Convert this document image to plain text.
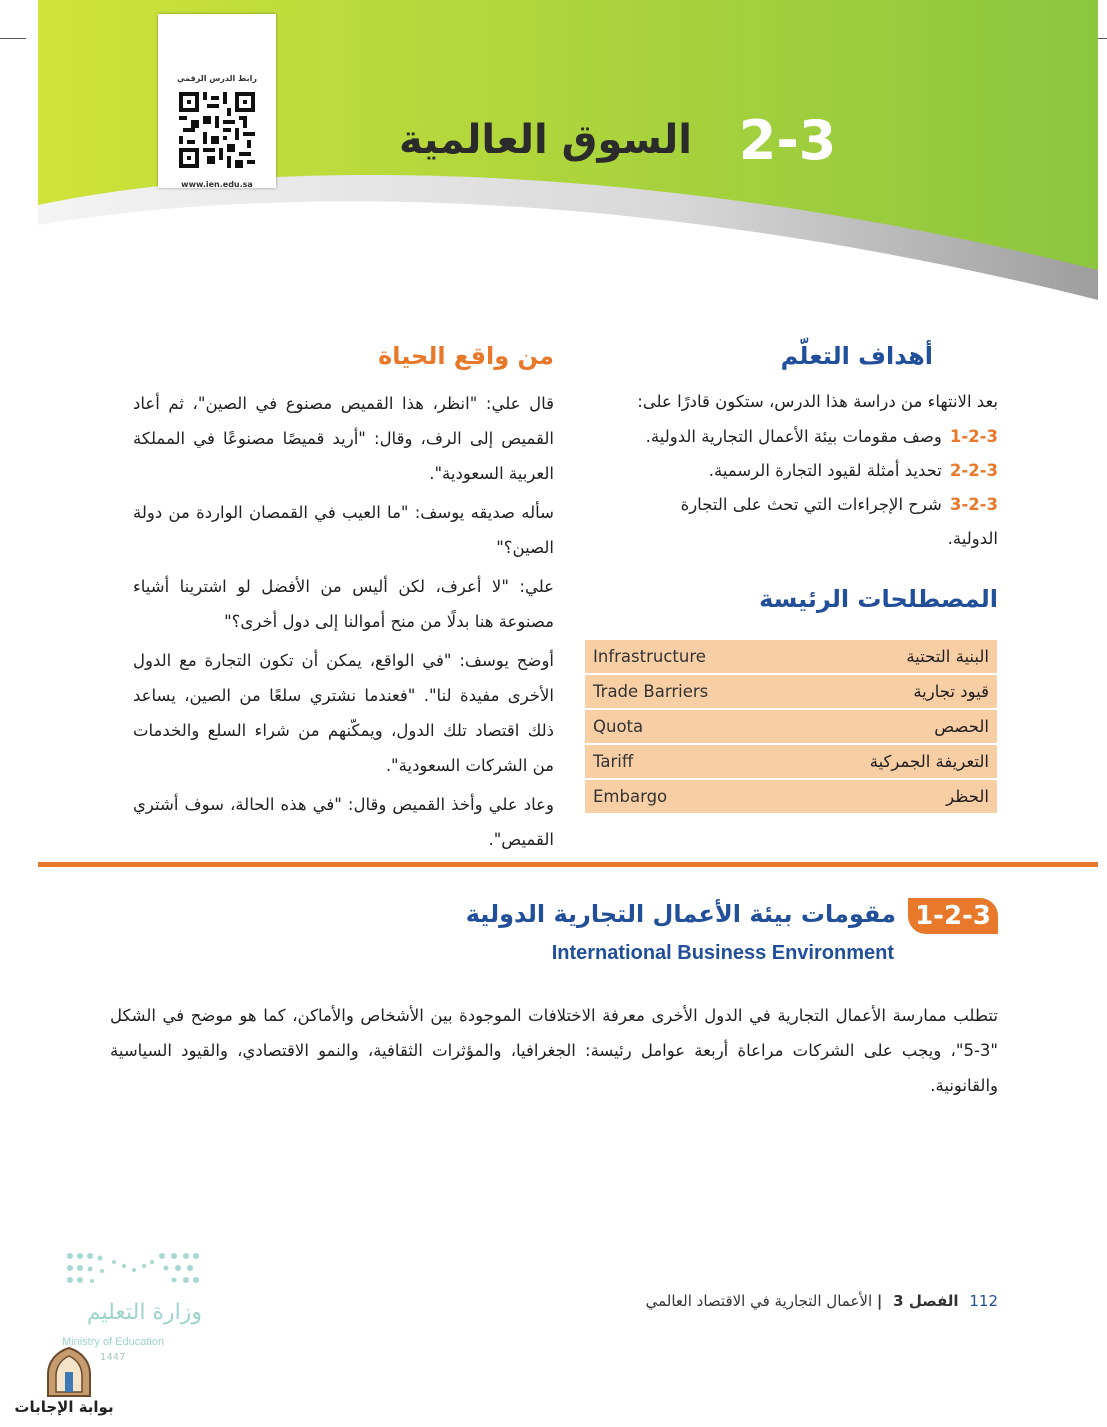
رابط الدرس الرقمي
www.ien.edu.sa
2-3 السوق العالمية
أهداف التعلّم
بعد الانتهاء من دراسة هذا الدرس، ستكون قادرًا على:

1-2-3وصف مقومات بيئة الأعمال التجارية الدولية.

2-2-3تحديد أمثلة لقيود التجارة الرسمية.

3-2-3شرح الإجراءات التي تحث على التجارة الدولية.

المصطلحات الرئيسة
Infrastructure	البنية التحتية
Trade Barriers	قيود تجارية
Quota	الحصص
Tariff	التعريفة الجمركية
Embargo	الحظر
من واقع الحياة
قال علي: "انظر، هذا القميص مصنوع في الصين"، ثم أعاد القميص إلى الرف، وقال: "أريد قميصًا مصنوعًا في المملكة العربية السعودية".
سأله صديقه يوسف: "ما العيب في القمصان الواردة من دولة الصين؟"
علي: "لا أعرف، لكن أليس من الأفضل لو اشترينا أشياء مصنوعة هنا بدلًا من منح أموالنا إلى دول أخرى؟"
أوضح يوسف: "في الواقع، يمكن أن تكون التجارة مع الدول الأخرى مفيدة لنا". "فعندما نشتري سلعًا من الصين، يساعد ذلك اقتصاد تلك الدول، ويمكّنهم من شراء السلع والخدمات من الشركات السعودية".
وعاد علي وأخذ القميص وقال: "في هذه الحالة، سوف أشتري القميص".
1-2-3
مقومات بيئة الأعمال التجارية الدولية
International Business Environment
تتطلب ممارسة الأعمال التجارية في الدول الأخرى معرفة الاختلافات الموجودة بين الأشخاص والأماكن، كما هو موضح في الشكل "3-5"، ويجب على الشركات مراعاة أربعة عوامل رئيسة: الجغرافيا، والمؤثرات الثقافية، والنمو الاقتصادي، والقيود السياسية والقانونية.
وزارة التعليم
Ministry of Education
1447
بوابة الإجابات
112 الفصل 3 | الأعمال التجارية في الاقتصاد العالمي
